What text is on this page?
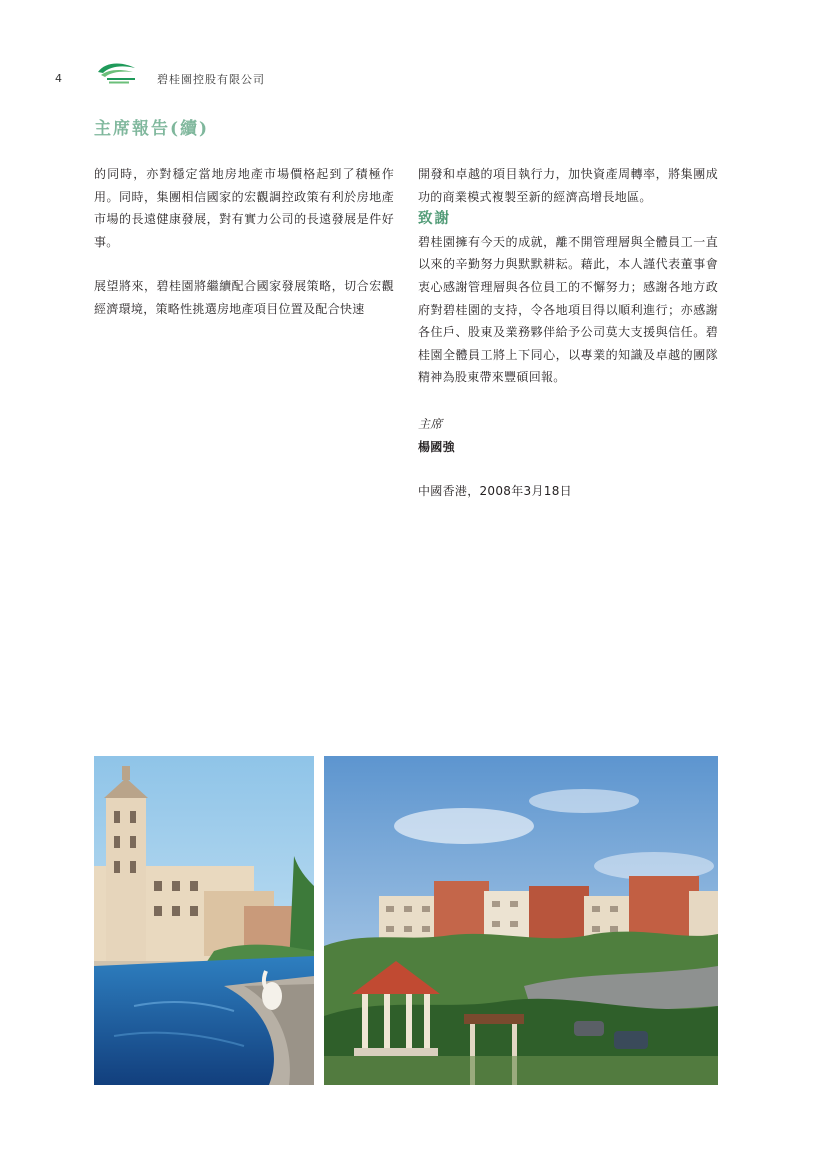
4	碧桂園控股有限公司
主席報告(續)

的同時，亦對穩定當地房地產市場價格起到了積極作用。同時，集團相信國家的宏觀調控政策有利於房地產市場的長遠健康發展，對有實力公司的長遠發展是件好事。

展望將來，碧桂園將繼續配合國家發展策略，切合宏觀經濟環境，策略性挑選房地產項目位置及配合快速

開發和卓越的項目執行力，加快資產周轉率，將集團成功的商業模式複製至新的經濟高增長地區。

致謝

碧桂園擁有今天的成就，離不開管理層與全體員工一直以來的辛勤努力與默默耕耘。藉此，本人謹代表董事會衷心感謝管理層與各位員工的不懈努力；感謝各地方政府對碧桂園的支持，令各地項目得以順利進行；亦感謝各住戶、股東及業務夥伴給予公司莫大支援與信任。碧桂園全體員工將上下同心，以專業的知識及卓越的團隊精神為股東帶來豐碩回報。

主席

楊國強

中國香港，2008年3月18日
